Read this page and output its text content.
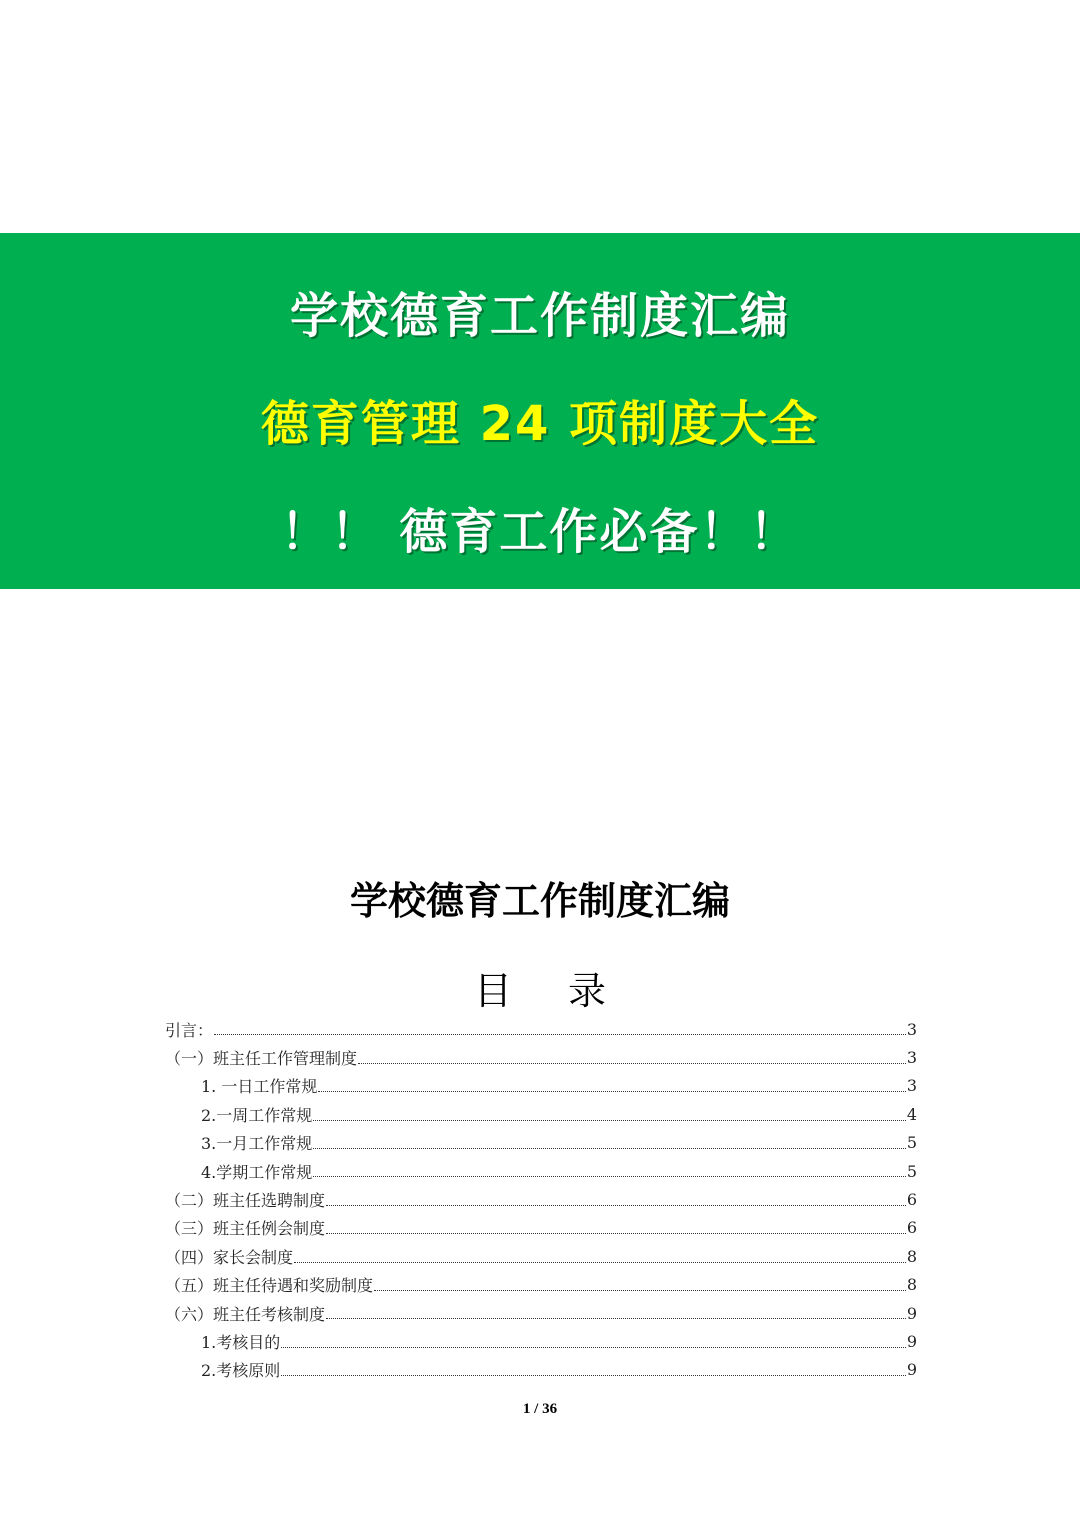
学校德育工作制度汇编
德育管理 24 项制度大全
！！ 德育工作必备！！
学校德育工作制度汇编
目 录
引言：	3
（一）班主任工作管理制度	3
1. 一日工作常规	3
2.一周工作常规	4
3.一月工作常规	5
4.学期工作常规	5
（二）班主任选聘制度	6
（三）班主任例会制度	6
（四）家长会制度	8
（五）班主任待遇和奖励制度	8
（六）班主任考核制度	9
1.考核目的	9
2.考核原则	9
1 / 36
